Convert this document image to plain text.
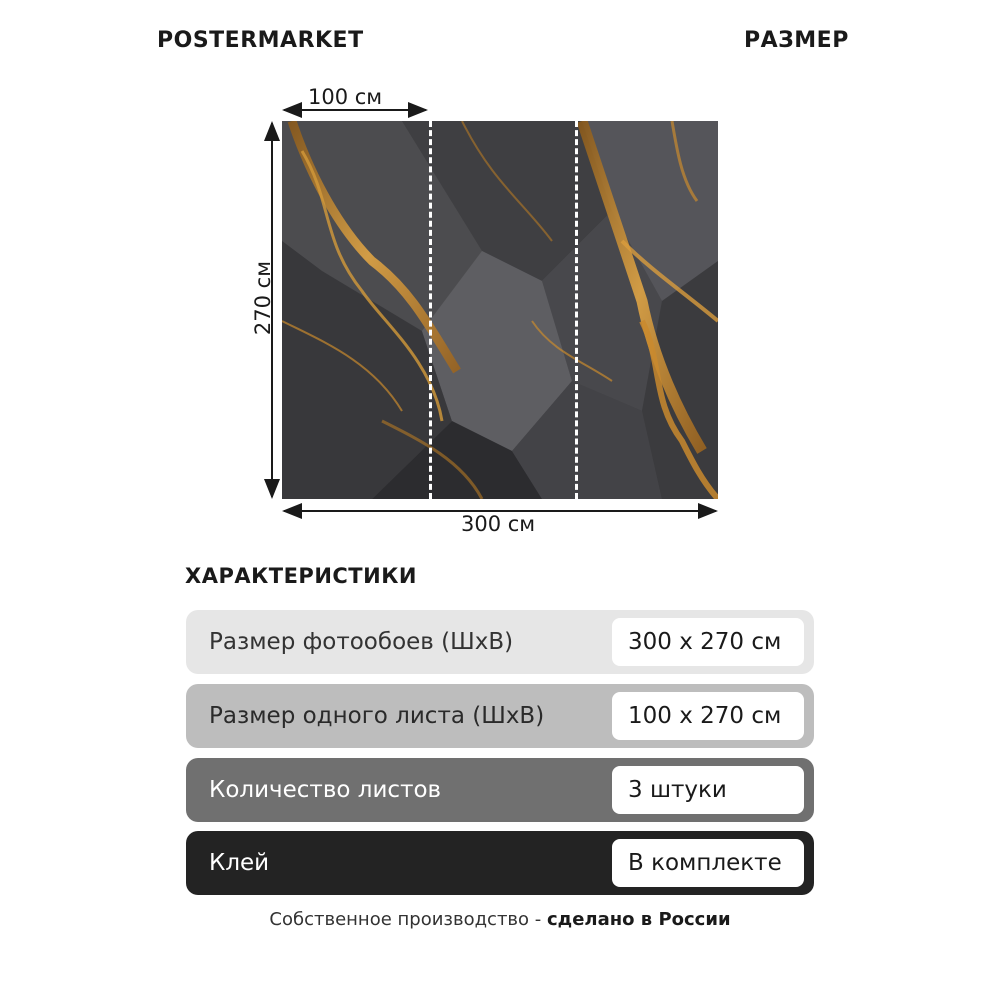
POSTERMARKET	РАЗМЕР
100 см
270 см
300 см
ХАРАКТЕРИСТИКИ
Размер фотообоев (ШхВ)	300 x 270 см
Размер одного листа (ШхВ)	100 x 270 см
Количество листов	3 штуки
Клей	В комплекте
Собственное производство - сделано в России
